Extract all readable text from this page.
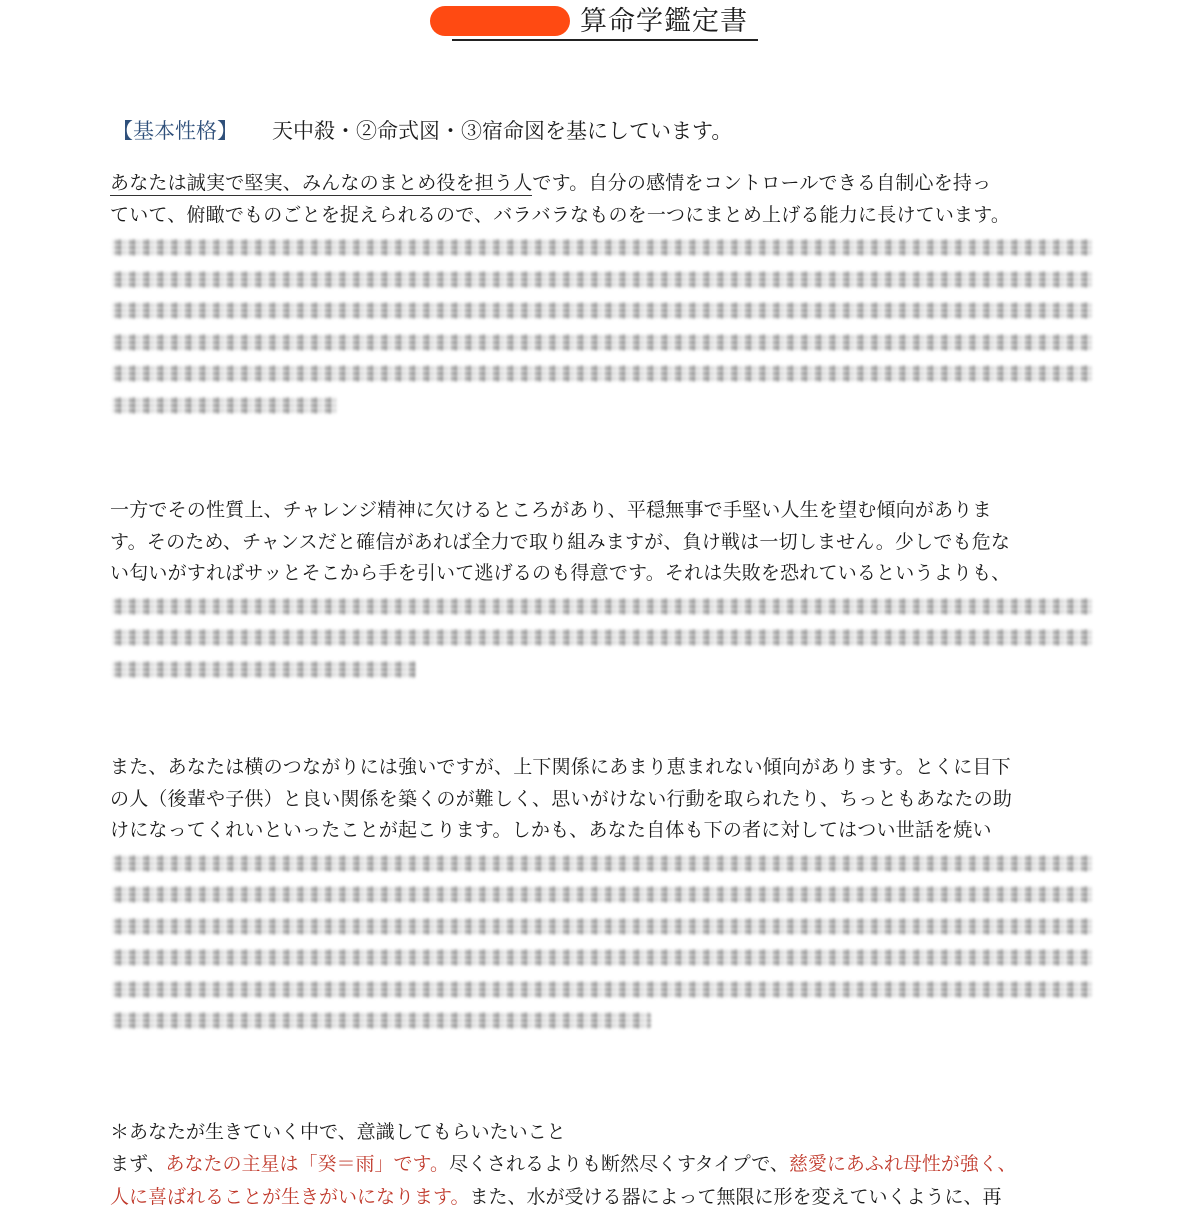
算命学鑑定書
【基本性格】 天中殺・②命式図・③宿命図を基にしています。
あなたは誠実で堅実、みんなのまとめ役を担う人です。自分の感情をコントロールできる自制心を持っ
ていて、俯瞰でものごとを捉えられるので、バラバラなものを一つにまとめ上げる能力に長けています。
一方でその性質上、チャレンジ精神に欠けるところがあり、平穏無事で手堅い人生を望む傾向がありま
す。そのため、チャンスだと確信があれば全力で取り組みますが、負け戦は一切しません。少しでも危な
い匂いがすればサッとそこから手を引いて逃げるのも得意です。それは失敗を恐れているというよりも、
また、あなたは横のつながりには強いですが、上下関係にあまり恵まれない傾向があります。とくに目下
の人（後輩や子供）と良い関係を築くのが難しく、思いがけない行動を取られたり、ちっともあなたの助
けになってくれいといったことが起こります。しかも、あなた自体も下の者に対してはつい世話を焼い
＊あなたが生きていく中で、意識してもらいたいこと
まず、あなたの主星は「癸＝雨」です。尽くされるよりも断然尽くすタイプで、慈愛にあふれ母性が強く、
人に喜ばれることが生きがいになります。また、水が受ける器によって無限に形を変えていくように、再
